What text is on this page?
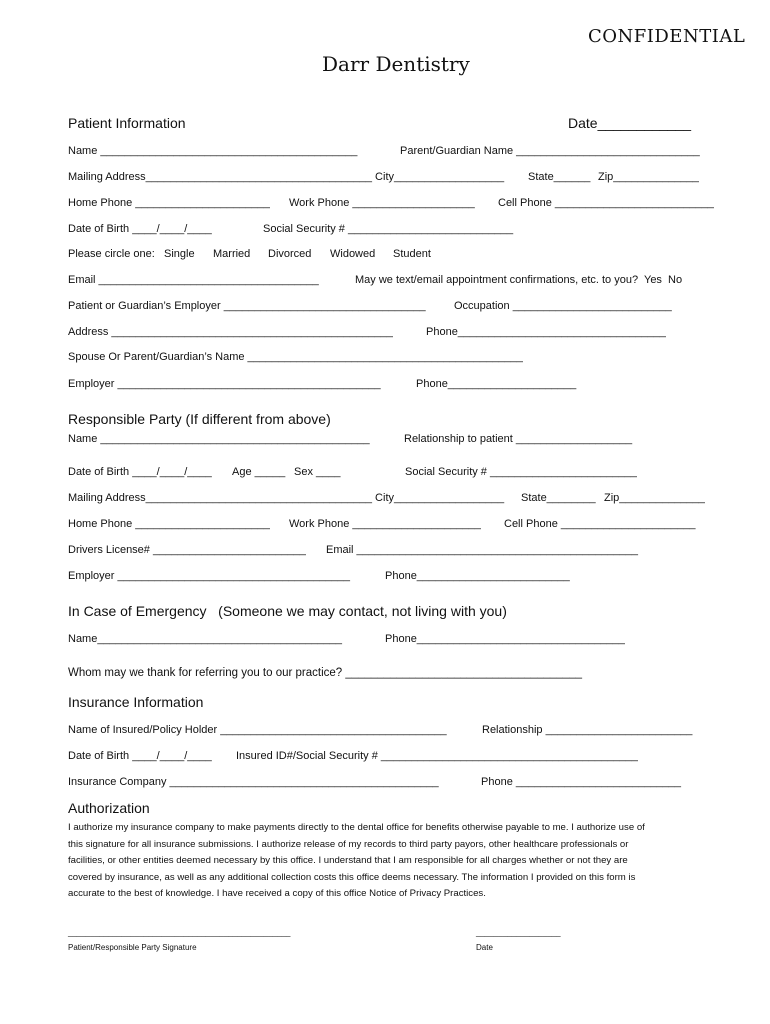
CONFIDENTIAL
Darr Dentistry
Patient Information	Date____________
Name __________________________________________	Parent/Guardian Name ______________________________
Mailing Address_____________________________________ City__________________ State______ Zip______________
Home Phone ______________________ Work Phone ____________________ Cell Phone __________________________
Date of Birth ____/____/____	Social Security # ___________________________
Please circle one: Single Married Divorced Widowed Student
Email ____________________________________	May we text/email appointment confirmations, etc. to you?  Yes  No
Patient or Guardian’s Employer _________________________________	Occupation __________________________
Address ______________________________________________	Phone__________________________________
Spouse Or Parent/Guardian’s Name _____________________________________________
Employer ___________________________________________	Phone_____________________
Responsible Party (If different from above)
Name ____________________________________________	Relationship to patient ___________________
Date of Birth ____/____/____ Age _____ Sex ____	Social Security # ________________________
Mailing Address_____________________________________ City__________________ State________ Zip______________
Home Phone ______________________ Work Phone _____________________ Cell Phone ______________________
Drivers License# _________________________ Email ______________________________________________
Employer ______________________________________	Phone_________________________
In Case of Emergency   (Someone we may contact, not living with you)
Name________________________________________	Phone__________________________________
Whom may we thank for referring you to our practice? _____________________________________
Insurance Information
Name of Insured/Policy Holder _____________________________________	Relationship ________________________
Date of Birth ____/____/____ Insured ID#/Social Security # __________________________________________
Insurance Company ____________________________________________	Phone ___________________________
Authorization
I authorize my insurance company to make payments directly to the dental office for benefits otherwise payable to me. I authorize use of
this signature for all insurance submissions. I authorize release of my records to third party payors, other healthcare professionals or
facilities, or other entities deemed necessary by this office. I understand that I am responsible for all charges whether or not they are
covered by insurance, as well as any additional collection costs this office deems necessary. The information I provided on this form is
accurate to the best of knowledge. I have received a copy of this office Notice of Privacy Practices.
__________________________________________________
Patient/Responsible Party Signature
___________________
Date
